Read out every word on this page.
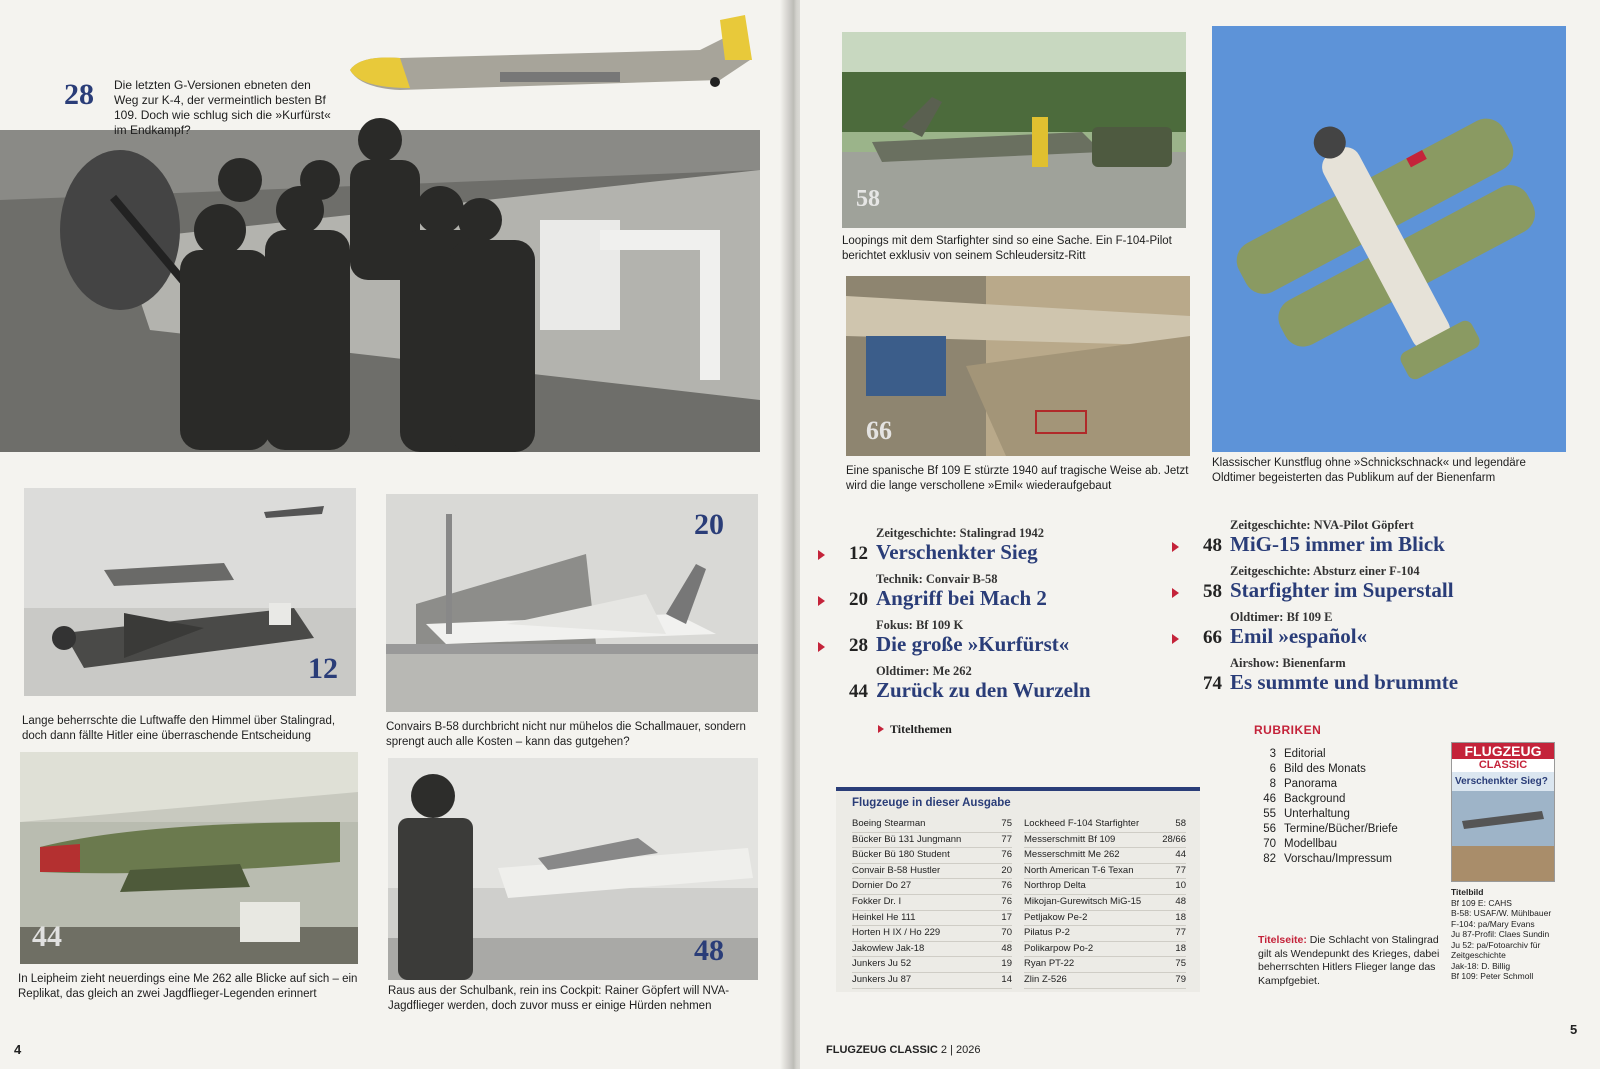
28 Die letzten G-Versionen ebneten den Weg zur K-4, der vermeintlich besten Bf 109. Doch wie schlug sich die »Kurfürst« im Endkampf?
12
Lange beherrschte die Luftwaffe den Himmel über Stalingrad, doch dann fällte Hitler eine überraschende Entscheidung
20
Convairs B-58 durchbricht nicht nur mühelos die Schallmauer, sondern sprengt auch alle Kosten – kann das gutgehen?
44
In Leipheim zieht neuerdings eine Me 262 alle Blicke auf sich – ein Replikat, das gleich an zwei Jagdflieger-Legenden erinnert
48
Raus aus der Schulbank, rein ins Cockpit: Rainer Göpfert will NVA-Jagdflieger werden, doch zuvor muss er einige Hürden nehmen
4
58
Loopings mit dem Starfighter sind so eine Sache. Ein F-104-Pilot berichtet exklusiv von seinem Schleudersitz-Ritt
66
Eine spanische Bf 109 E stürzte 1940 auf tragische Weise ab. Jetzt wird die lange verschollene »Emil« wiederaufgebaut
Klassischer Kunstflug ohne »Schnickschnack« und legendäre Oldtimer begeisterten das Publikum auf der Bienenfarm
Zeitgeschichte: Stalingrad 1942
12 Verschenkter Sieg
Technik: Convair B-58
20 Angriff bei Mach 2
Fokus: Bf 109 K
28 Die große »Kurfürst«
Oldtimer: Me 262
44 Zurück zu den Wurzeln
Zeitgeschichte: NVA-Pilot Göpfert
48 MiG-15 immer im Blick
Zeitgeschichte: Absturz einer F-104
58 Starfighter im Superstall
Oldtimer: Bf 109 E
66 Emil »español«
Airshow: Bienenfarm
74 Es summte und brummte
Titelthemen
FLUGZEUG CLASSIC 2 | 2026
5
Flugzeuge in dieser Ausgabe
Boeing Stearman	75
Bücker Bü 131 Jungmann	77
Bücker Bü 180 Student	76
Convair B-58 Hustler	20
Dornier Do 27	76
Fokker Dr. I	76
Heinkel He 111	17
Horten H IX / Ho 229	70
Jakowlew Jak-18	48
Junkers Ju 52	19
Junkers Ju 87	14
Lockheed F-104 Starfighter	58
Messerschmitt Bf 109	28/66
Messerschmitt Me 262	44
North American T-6 Texan	77
Northrop Delta	10
Mikojan-Gurewitsch MiG-15	48
Petljakow Pe-2	18
Pilatus P-2	77
Polikarpow Po-2	18
Ryan PT-22	75
Zlin Z-526	79
RUBRIKEN
3 Editorial
6 Bild des Monats
8 Panorama
46 Background
55 Unterhaltung
56 Termine/Bücher/Briefe
70 Modellbau
82 Vorschau/Impressum
FLUGZEUG
CLASSIC
Verschenkter Sieg?
Titelbild
Bf 109 E: CAHS
B-58: USAF/W. Mühlbauer
F-104: pa/Mary Evans
Ju 87-Profil: Claes Sundin
Ju 52: pa/Fotoarchiv für Zeitgeschichte
Jak-18: D. Billig
Bf 109: Peter Schmoll
Titelseite: Die Schlacht von Stalingrad gilt als Wendepunkt des Krieges, dabei beherrschten Hitlers Flieger lange das Kampfgebiet.
